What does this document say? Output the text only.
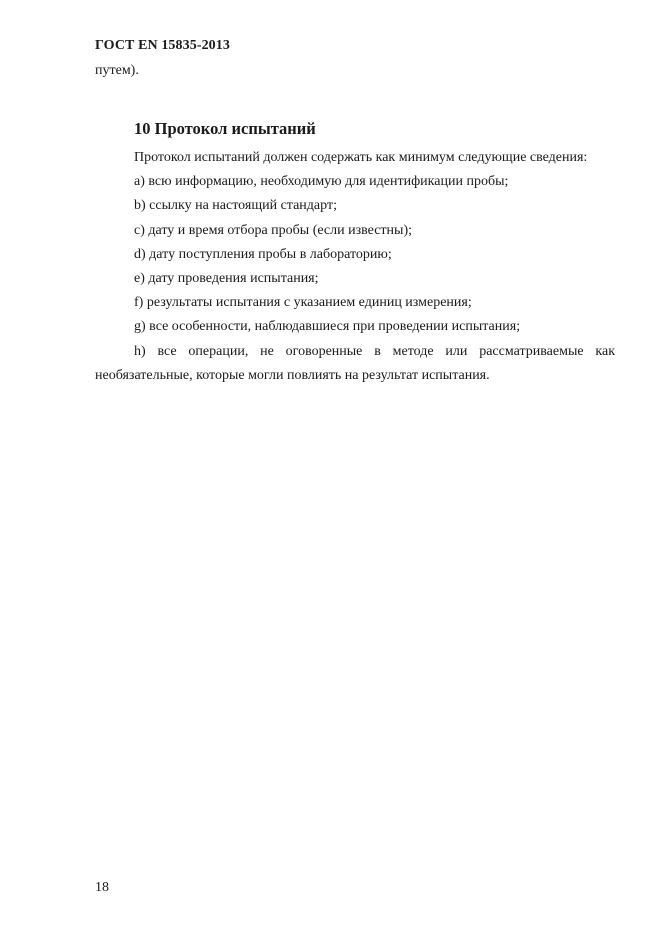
ГОСТ EN 15835-2013
путем).
10 Протокол испытаний

Протокол испытаний должен содержать как минимум следующие сведения:

а) всю информацию, необходимую для идентификации пробы;

b) ссылку на настоящий стандарт;

с) дату и время отбора пробы (если известны);

d) дату поступления пробы в лабораторию;

е) дату проведения испытания;

f) результаты испытания с указанием единиц измерения;

g) все особенности, наблюдавшиеся при проведении испытания;

h) все операции, не оговоренные в методе или рассматриваемые как необязательные, которые могли повлиять на результат испытания.

18
